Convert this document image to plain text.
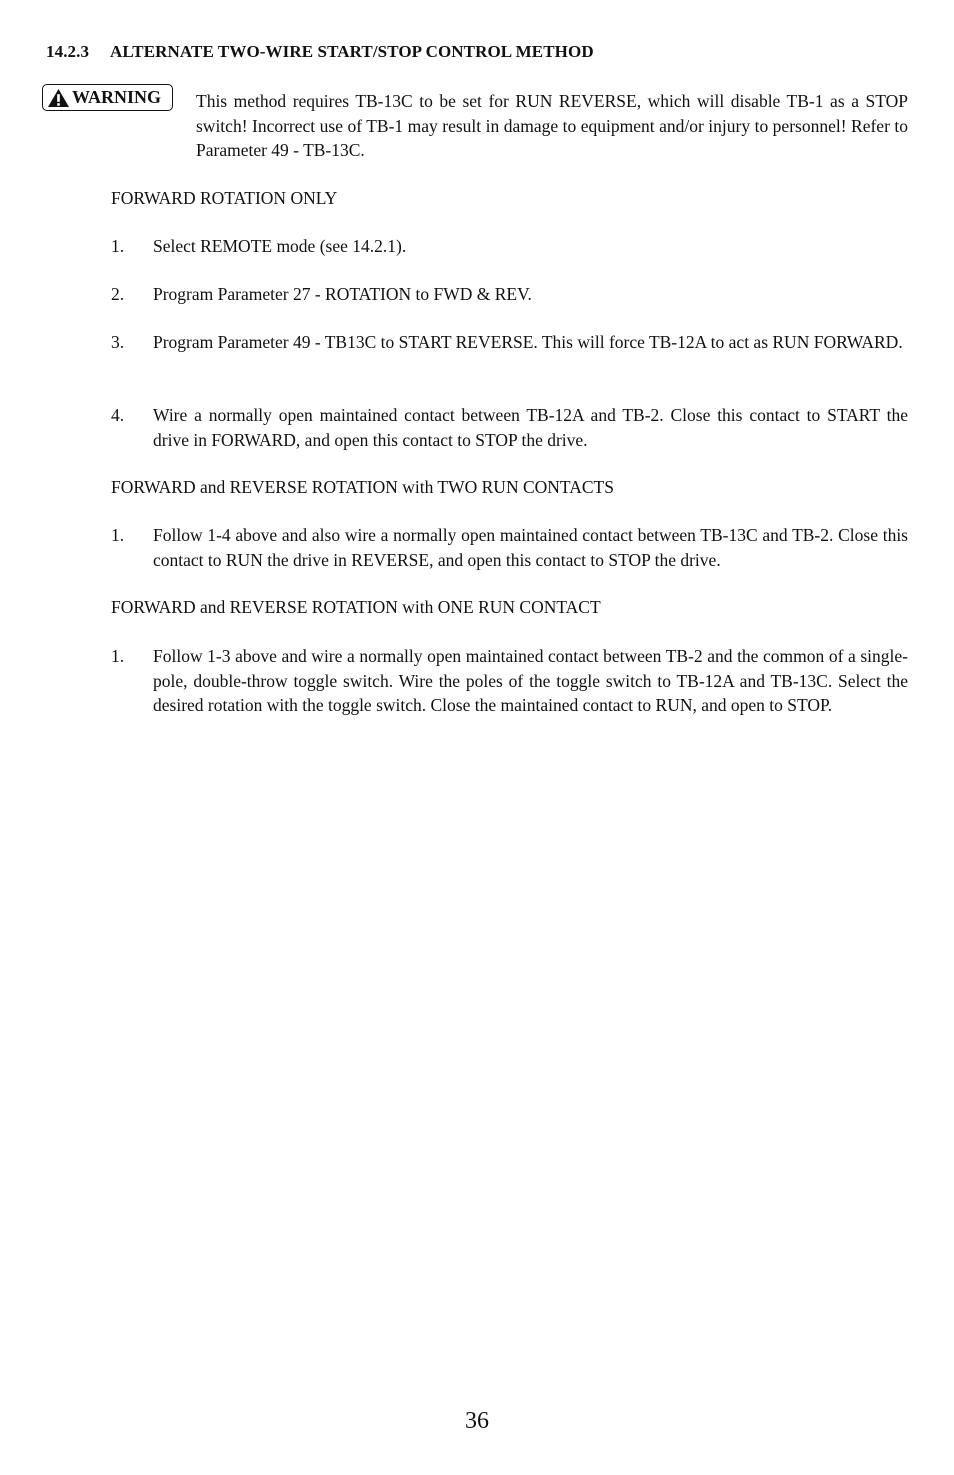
14.2.3 ALTERNATE TWO-WIRE START/STOP CONTROL METHOD
WARNING This method requires TB-13C to be set for RUN REVERSE, which will disable TB-1 as a STOP switch! Incorrect use of TB-1 may result in damage to equipment and/or injury to personnel! Refer to Parameter 49 - TB-13C.
FORWARD ROTATION ONLY
1. Select REMOTE mode (see 14.2.1).
2. Program Parameter 27 - ROTATION to FWD & REV.
3. Program Parameter 49 - TB13C to START REVERSE. This will force TB-12A to act as RUN FORWARD.
4. Wire a normally open maintained contact between TB-12A and TB-2. Close this contact to START the drive in FORWARD, and open this contact to STOP the drive.
FORWARD and REVERSE ROTATION with TWO RUN CONTACTS
1. Follow 1-4 above and also wire a normally open maintained contact between TB-13C and TB-2. Close this contact to RUN the drive in REVERSE, and open this contact to STOP the drive.
FORWARD and REVERSE ROTATION with ONE RUN CONTACT
1. Follow 1-3 above and wire a normally open maintained contact between TB-2 and the common of a single-pole, double-throw toggle switch. Wire the poles of the toggle switch to TB-12A and TB-13C. Select the desired rotation with the toggle switch. Close the maintained contact to RUN, and open to STOP.
36
